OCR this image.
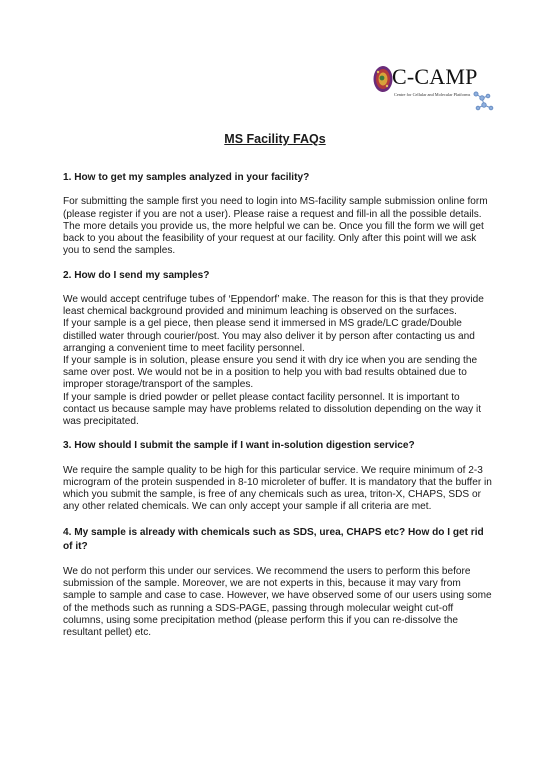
C-CAMP
Centre for Cellular and Molecular Platforms
MS Facility FAQs

1. How to get my samples analyzed in your facility?

For submitting the sample first you need to login into MS-facility sample submission online form (please register if you are not a user). Please raise a request and fill-in all the possible details. The more details you provide us, the more helpful we can be. Once you fill the form we will get back to you about the feasibility of your request at our facility. Only after this point will we ask you to send the samples.

2. How do I send my samples?

We would accept centrifuge tubes of ‘Eppendorf’ make. The reason for this is that they provide least chemical background provided and minimum leaching is observed on the surfaces.
If your sample is a gel piece, then please send it immersed in MS grade/LC grade/Double distilled water through courier/post. You may also deliver it by person after contacting us and arranging a convenient time to meet facility personnel.
If your sample is in solution, please ensure you send it with dry ice when you are sending the same over post. We would not be in a position to help you with bad results obtained due to improper storage/transport of the samples.
If your sample is dried powder or pellet please contact facility personnel. It is important to contact us because sample may have problems related to dissolution depending on the way it was precipitated.

3. How should I submit the sample if I want in-solution digestion service?

We require the sample quality to be high for this particular service. We require minimum of 2-3 microgram of the protein suspended in 8-10 microleter of buffer. It is mandatory that the buffer in which you submit the sample, is free of any chemicals such as urea, triton-X, CHAPS, SDS or any other related chemicals. We can only accept your sample if all criteria are met.

4. My sample is already with chemicals such as SDS, urea, CHAPS etc? How do I get rid of it?

We do not perform this under our services. We recommend the users to perform this before submission of the sample. Moreover, we are not experts in this, because it may vary from sample to sample and case to case. However, we have observed some of our users using some of the methods such as running a SDS-PAGE, passing through molecular weight cut-off columns, using some precipitation method (please perform this if you can re-dissolve the resultant pellet) etc.
